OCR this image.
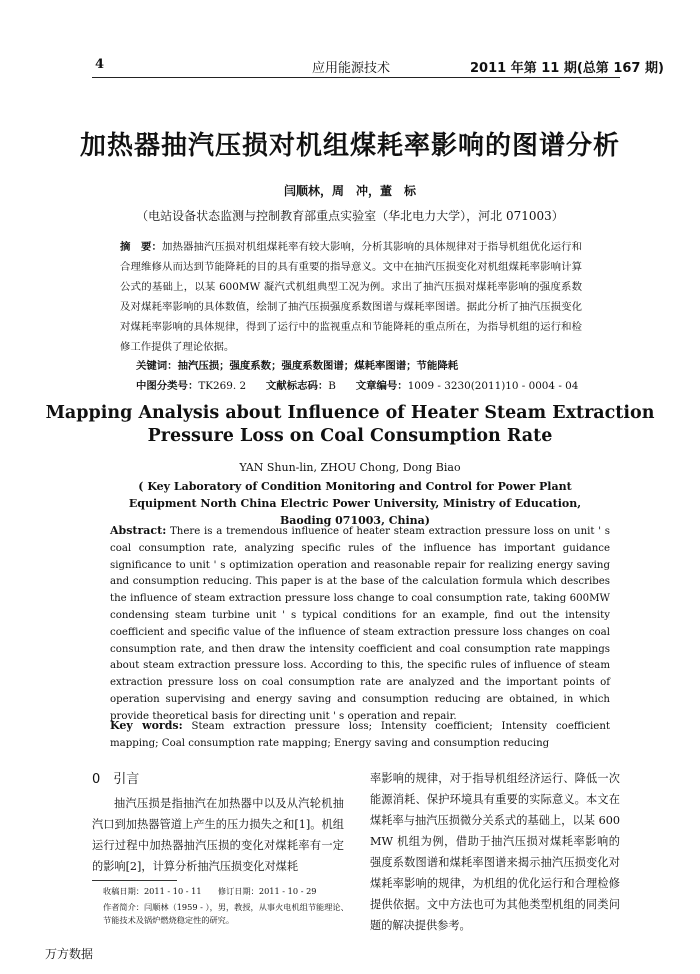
4	应用能源技术	2011 年第 11 期(总第 167 期)
加热器抽汽压损对机组煤耗率影响的图谱分析
闫顺林，周　冲，董　标
（电站设备状态监测与控制教育部重点实验室（华北电力大学），河北 071003）
摘　要：加热器抽汽压损对机组煤耗率有较大影响，分析其影响的具体规律对于指导机组优化运行和合理维修从而达到节能降耗的目的具有重要的指导意义。文中在抽汽压损变化对机组煤耗率影响计算公式的基础上，以某 600MW 凝汽式机组典型工况为例。求出了抽汽压损对煤耗率影响的强度系数及对煤耗率影响的具体数值，绘制了抽汽压损强度系数图谱与煤耗率图谱。据此分析了抽汽压损变化对煤耗率影响的具体规律，得到了运行中的监视重点和节能降耗的重点所在，为指导机组的运行和检修工作提供了理论依据。
关键词：抽汽压损；强度系数；强度系数图谱；煤耗率图谱；节能降耗
中图分类号：TK269. 2 文献标志码：B 文章编号：1009 - 3230(2011)10 - 0004 - 04
Mapping Analysis about Influence of Heater Steam Extraction Pressure Loss on Coal Consumption Rate
YAN Shun-lin, ZHOU Chong, Dong Biao
( Key Laboratory of Condition Monitoring and Control for Power Plant Equipment North China Electric Power University, Ministry of Education, Baoding 071003, China)
Abstract: There is a tremendous influence of heater steam extraction pressure loss on unit ' s coal consumption rate, analyzing specific rules of the influence has important guidance significance to unit ' s optimization operation and reasonable repair for realizing energy saving and consumption reducing. This paper is at the base of the calculation formula which describes the influence of steam extraction pressure loss change to coal consumption rate, taking 600MW condensing steam turbine unit ' s typical conditions for an example, find out the intensity coefficient and specific value of the influence of steam extraction pressure loss changes on coal consumption rate, and then draw the intensity coefficient and coal consumption rate mappings about steam extraction pressure loss. According to this, the specific rules of influence of steam extraction pressure loss on coal consumption rate are analyzed and the important points of operation supervising and energy saving and consumption reducing are obtained, in which provide theoretical basis for directing unit ' s operation and repair.
Key words: Steam extraction pressure loss; Intensity coefficient; Intensity coefficient mapping; Coal consumption rate mapping; Energy saving and consumption reducing
0　引言
抽汽压损是指抽汽在加热器中以及从汽轮机抽汽口到加热器管道上产生的压力损失之和[1]。机组运行过程中加热器抽汽压损的变化对煤耗率有一定的影响[2]，计算分析抽汽压损变化对煤耗
率影响的规律，对于指导机组经济运行、降低一次能源消耗、保护环境具有重要的实际意义。本文在煤耗率与抽汽压损微分关系式的基础上，以某 600 MW 机组为例，借助于抽汽压损对煤耗率影响的强度系数图谱和煤耗率图谱来揭示抽汽压损变化对煤耗率影响的规律，为机组的优化运行和合理检修提供依据。文中方法也可为其他类型机组的同类问题的解决提供参考。
收稿日期：2011 - 10 - 11　　修订日期：2011 - 10 - 29
作者简介：闫顺林（1959 - ），男，教授，从事火电机组节能理论、节能技术及锅炉燃烧稳定性的研究。
万方数据
